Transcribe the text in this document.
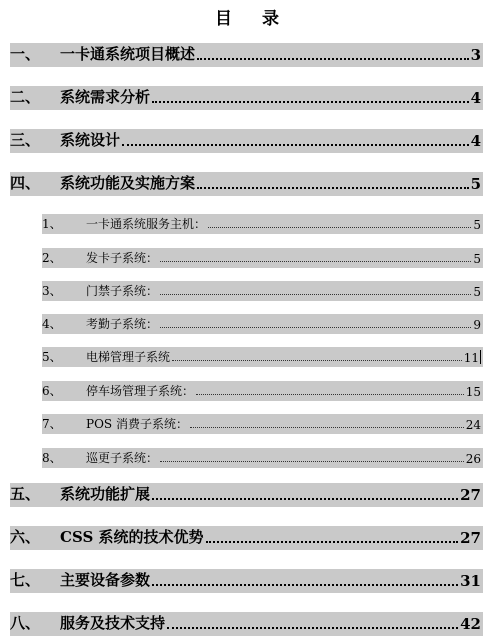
目 录
一、	一卡通系统项目概述	3
二、	系统需求分析	4
三、	系统设计	4
四、	系统功能及实施方案	5
1、	一卡通系统服务主机：	5
2、	发卡子系统：	5
3、	门禁子系统：	5
4、	考勤子系统：	9
5、	电梯管理子系统	11
6、	停车场管理子系统：	15
7、	POS 消费子系统：	24
8、	巡更子系统：	26
五、	系统功能扩展	27
六、	CSS 系统的技术优势	27
七、	主要设备参数	31
八、	服务及技术支持	42
